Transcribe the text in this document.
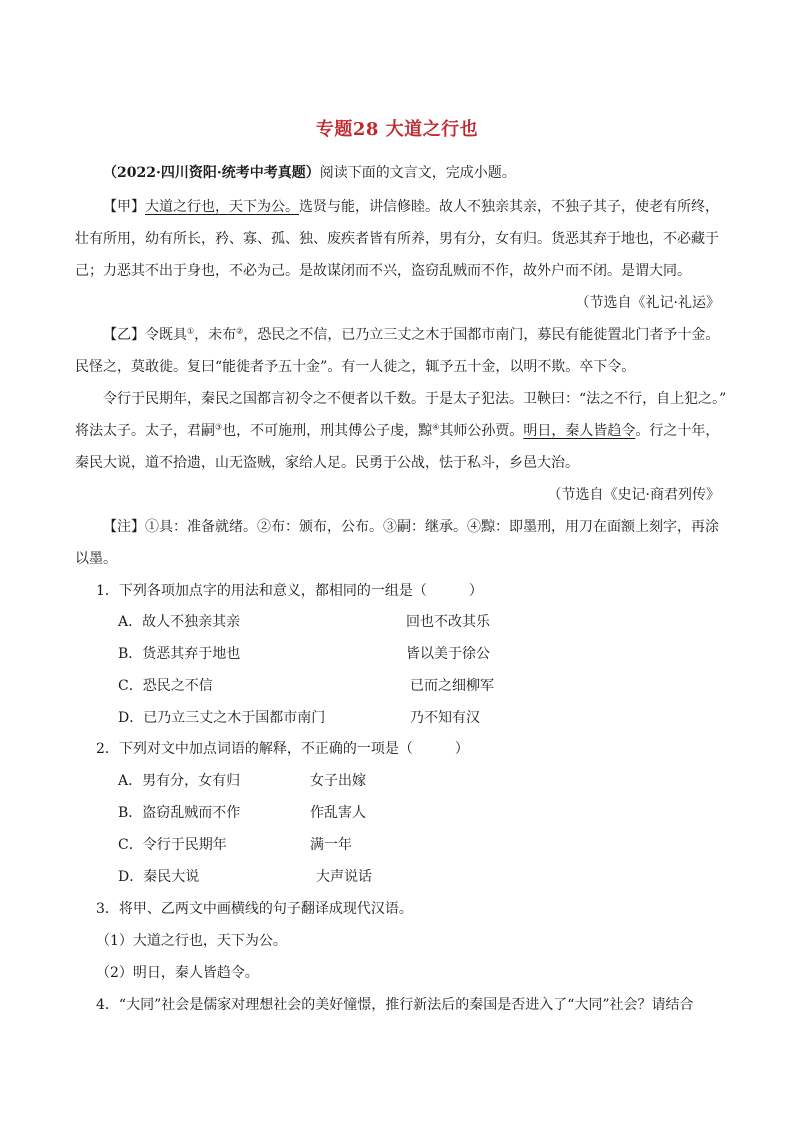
专题28 大道之行也
（2022·四川资阳·统考中考真题）阅读下面的文言文，完成小题。
【甲】大道之行也，天下为公。选贤与能，讲信修睦。故人不独亲其亲，不独子其子，使老有所终，
壮有所用，幼有所长，矜、寡、孤、独、废疾者皆有所养，男有分，女有归。货恶其弃于地也，不必藏于
己；力恶其不出于身也，不必为己。是故谋闭而不兴，盗窃乱贼而不作，故外户而不闭。是谓大同。
（节选自《礼记·礼运》
【乙】令既具①，未布②，恐民之不信，已乃立三丈之木于国都市南门，募民有能徙置北门者予十金。
民怪之，莫敢徙。复曰“能徙者予五十金”。有一人徙之，辄予五十金，以明不欺。卒下令。
令行于民期年，秦民之国都言初令之不便者以千数。于是太子犯法。卫鞅曰：“法之不行，自上犯之。”
将法太子。太子，君嗣③也，不可施刑，刑其傅公子虔，黥④其师公孙贾。明日，秦人皆趋令。行之十年，
秦民大说，道不拾遗，山无盗贼，家给人足。民勇于公战，怯于私斗，乡邑大治。
（节选自《史记·商君列传》
【注】①具：准备就绪。②布：颁布，公布。③嗣：继承。④黥：即墨刑，用刀在面额上刻字，再涂
以墨。
1．下列各项加点字的用法和意义，都相同的一组是（　　　）
A．故人不独亲其亲	回也不改其乐
B．货恶其弃于地也	皆以美于徐公
C．恐民之不信	已而之细柳军
D．已乃立三丈之木于国都市南门	乃不知有汉
2．下列对文中加点词语的解释，不正确的一项是（　　　）
A．男有分，女有归	女子出嫁
B．盗窃乱贼而不作	作乱害人
C．令行于民期年	满一年
D．秦民大说	大声说话
3．将甲、乙两文中画横线的句子翻译成现代汉语。
（1）大道之行也，天下为公。
（2）明日，秦人皆趋令。
4．“大同”社会是儒家对理想社会的美好憧憬，推行新法后的秦国是否进入了“大同”社会？请结合
